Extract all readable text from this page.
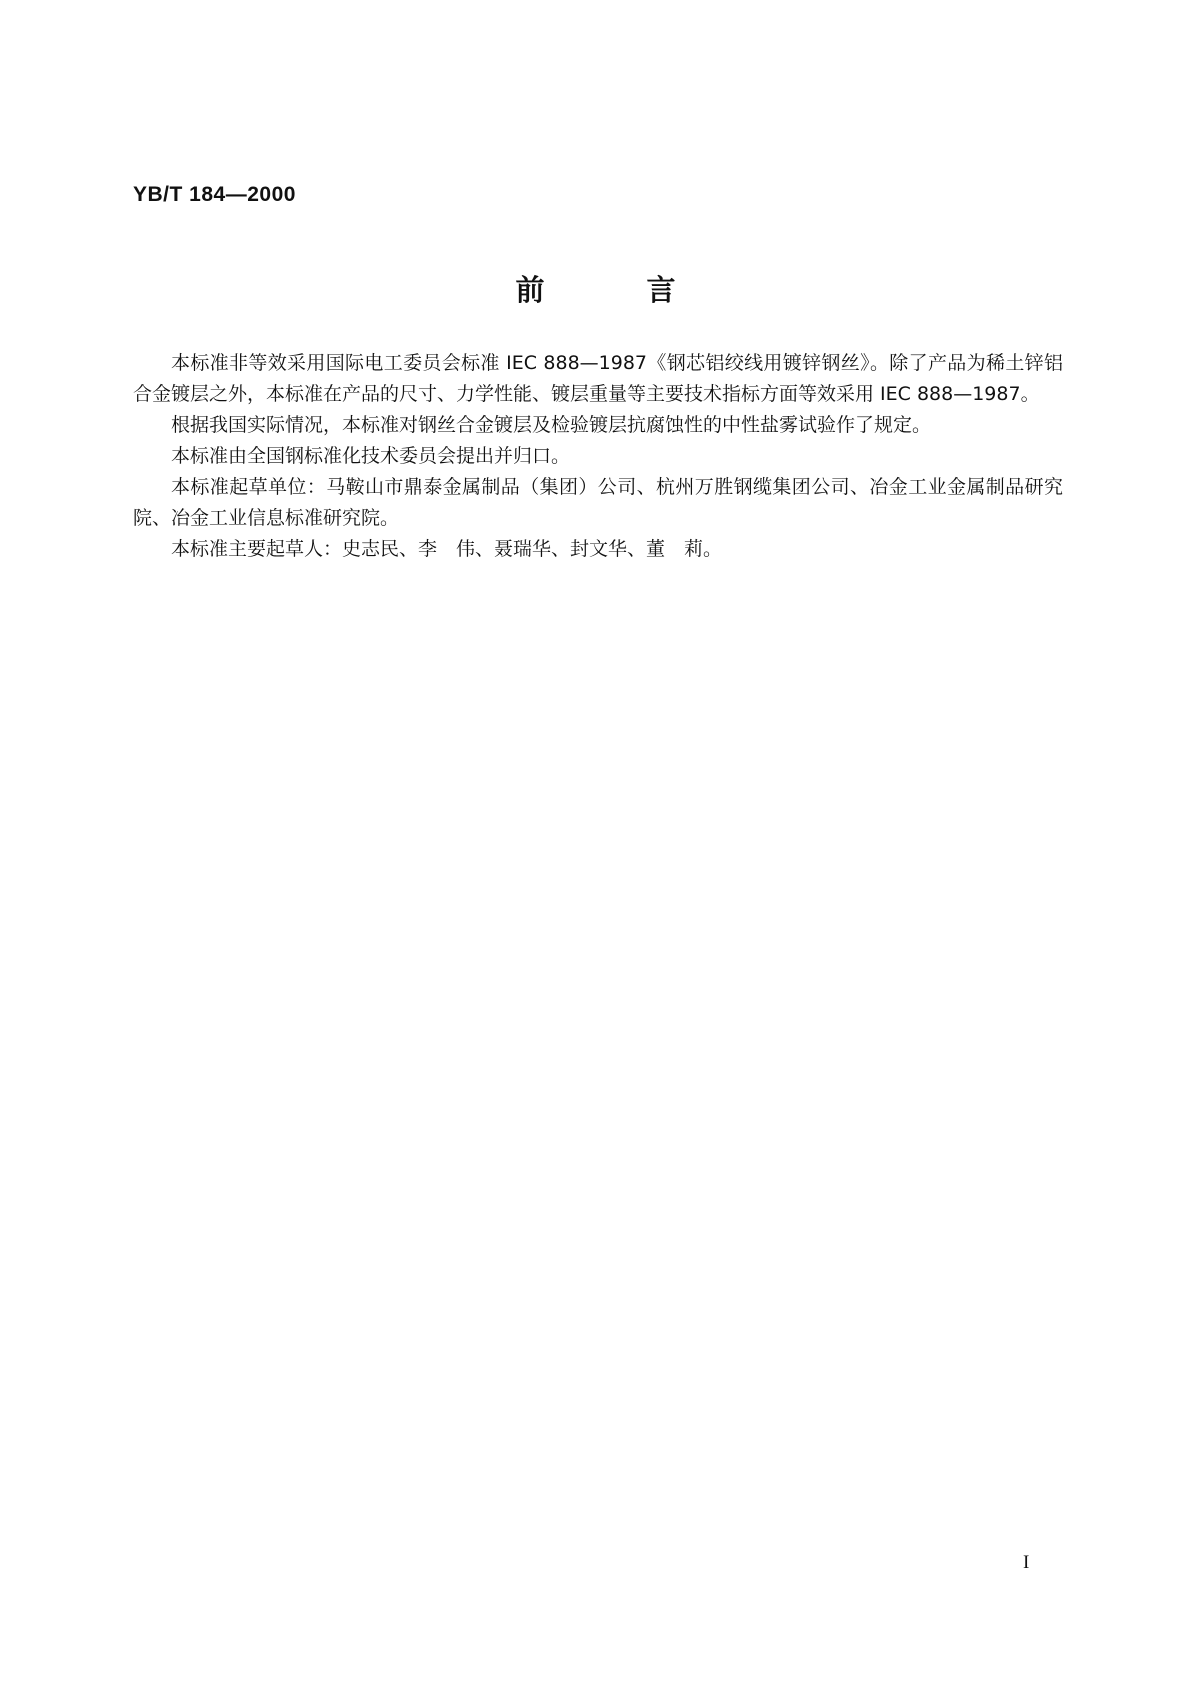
YB/T 184—2000
前	言

本标准非等效采用国际电工委员会标准 IEC 888—1987《钢芯铝绞线用镀锌钢丝》。除了产品为稀土锌铝合金镀层之外，本标准在产品的尺寸、力学性能、镀层重量等主要技术指标方面等效采用 IEC 888—1987。

根据我国实际情况，本标准对钢丝合金镀层及检验镀层抗腐蚀性的中性盐雾试验作了规定。

本标准由全国钢标准化技术委员会提出并归口。

本标准起草单位：马鞍山市鼎泰金属制品（集团）公司、杭州万胜钢缆集团公司、冶金工业金属制品研究院、冶金工业信息标准研究院。

本标准主要起草人：史志民、李　伟、聂瑞华、封文华、董　莉。

I
